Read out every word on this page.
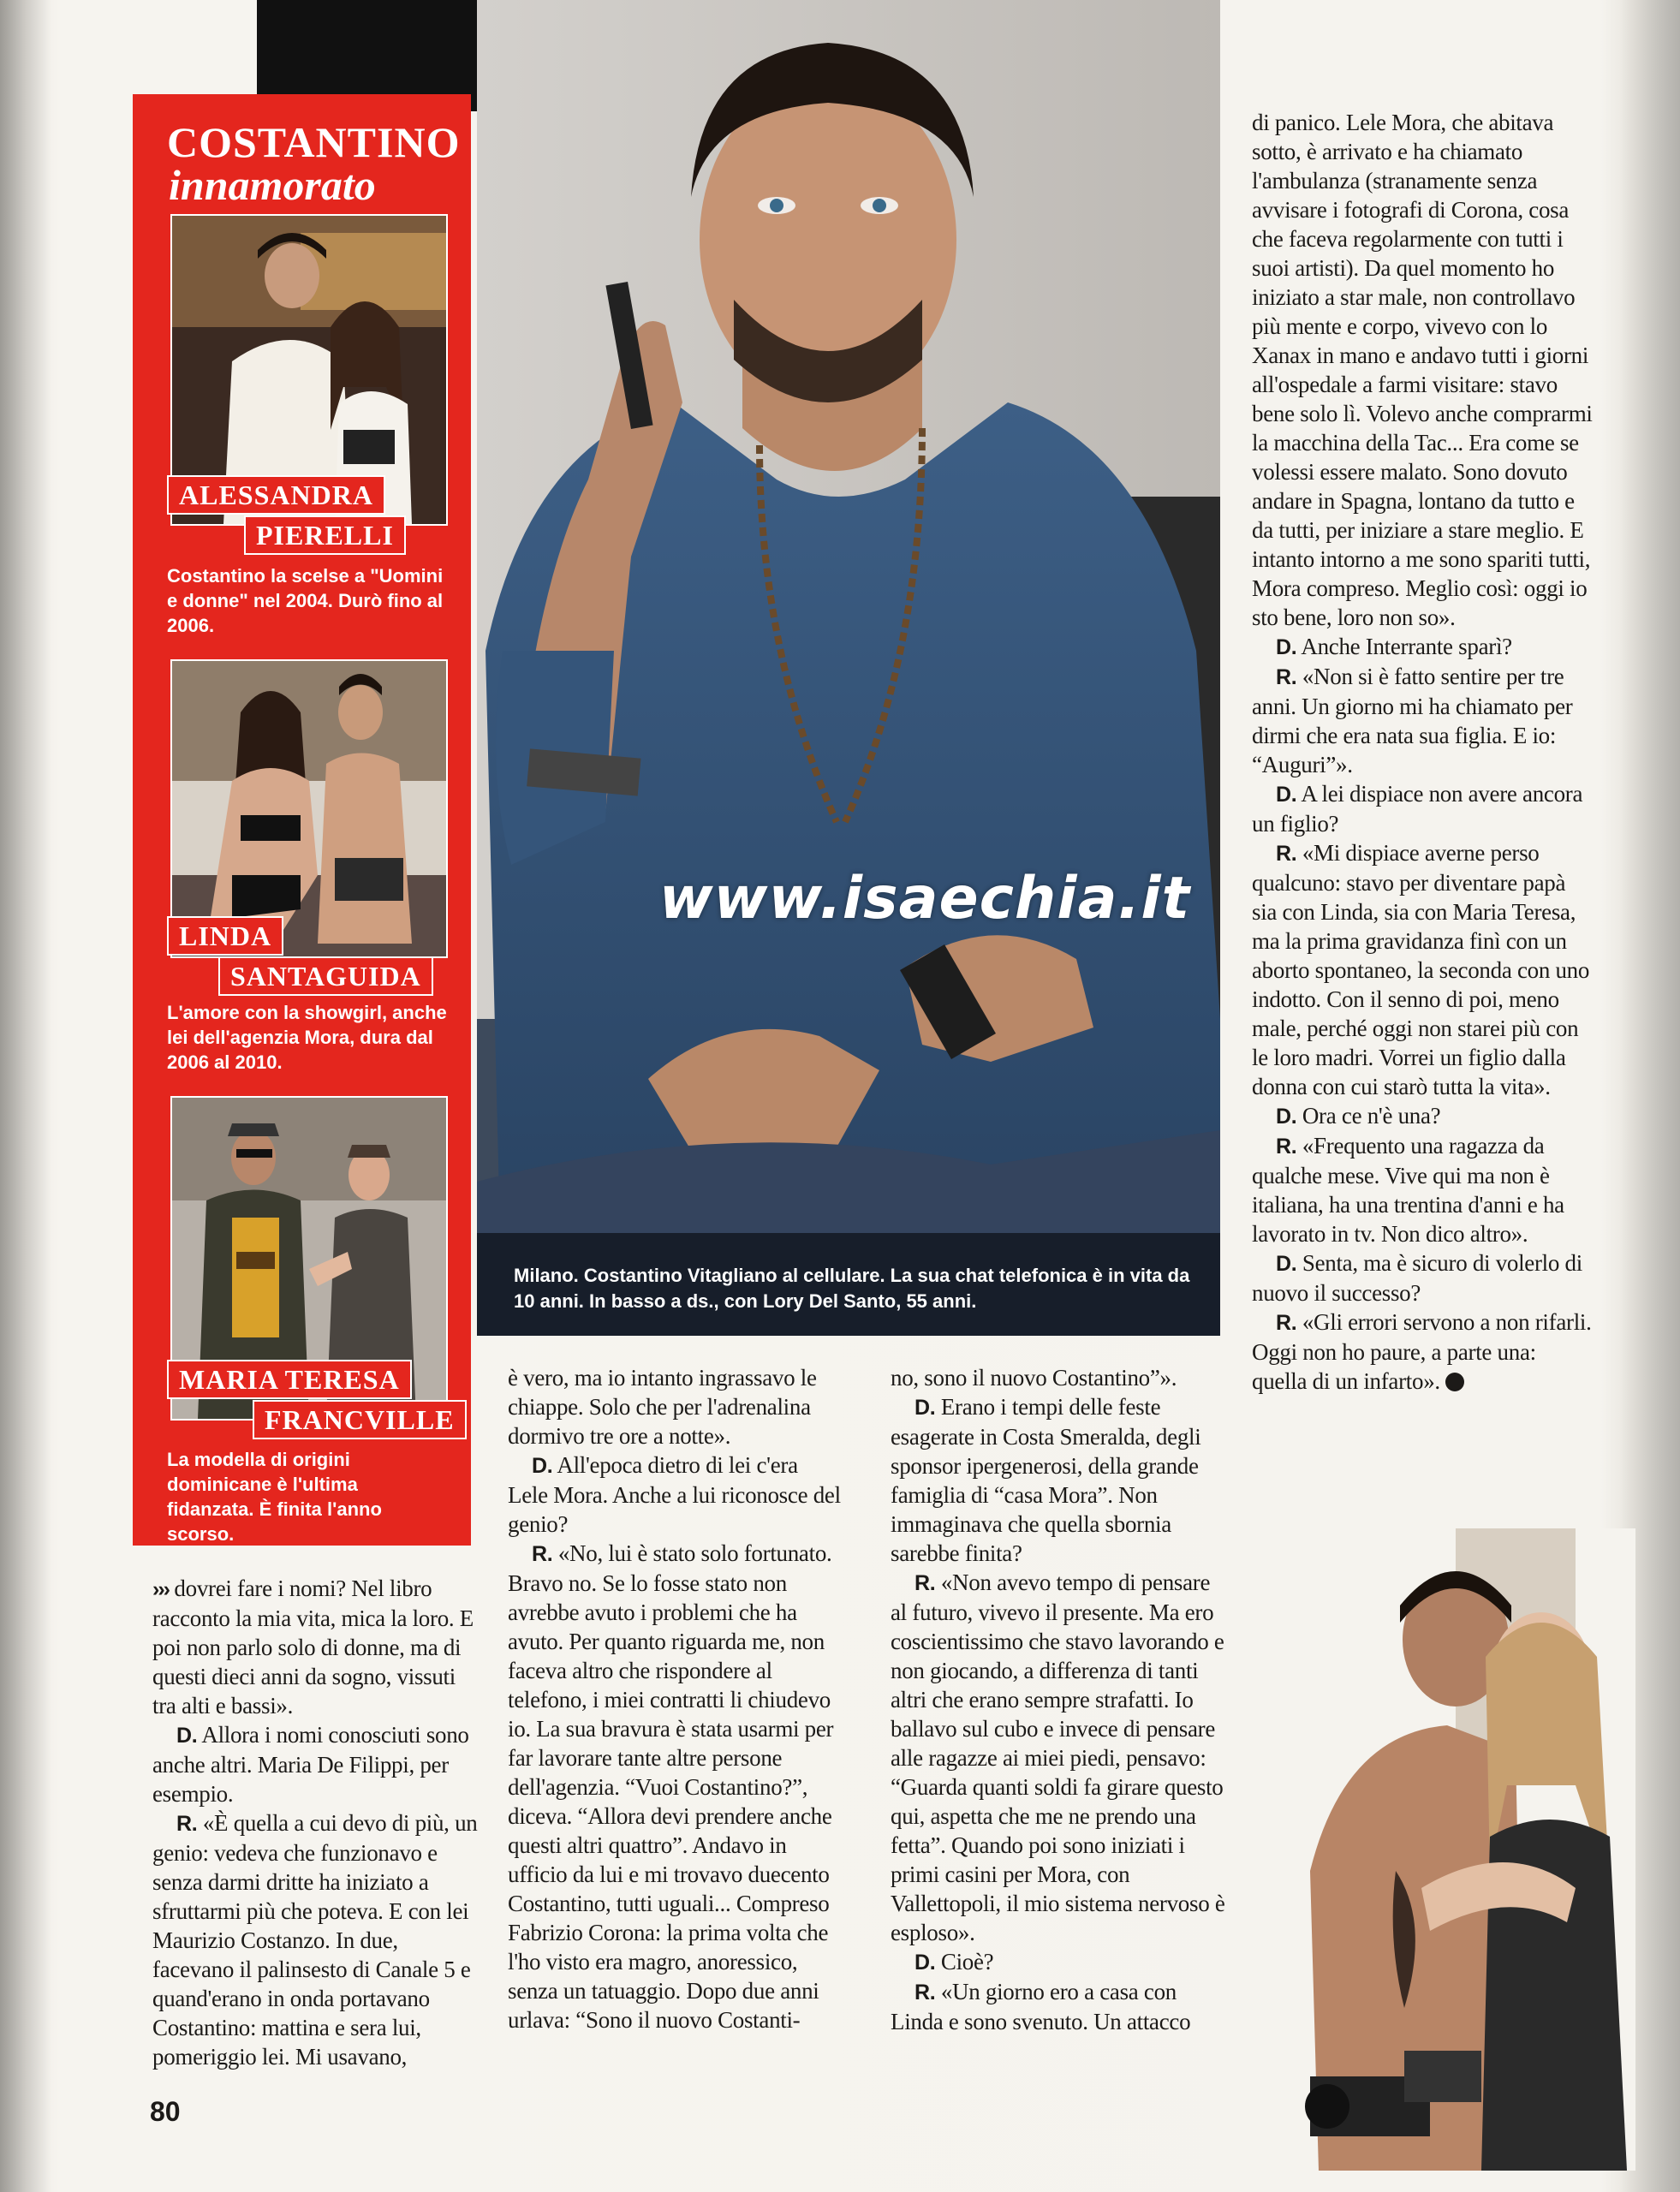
COSTANTINO
innamorato
ALESSANDRA
PIERELLI
Costantino la scelse a "Uomini e donne" nel 2004. Durò fino al 2006.
LINDA
SANTAGUIDA
L'amore con la showgirl, anche lei dell'agenzia Mora, dura dal 2006 al 2010.
MARIA TERESA
FRANCVILLE
La modella di origini dominicane è l'ultima fidanzata. È finita l'anno scorso.
www.isaechia.it
Milano. Costantino Vitagliano al cellulare. La sua chat telefonica è in vita da 10 anni. In basso a ds., con Lory Del Santo, 55 anni.

››› dovrei fare i nomi? Nel libro racconto la mia vita, mica la loro. E poi non parlo solo di donne, ma di questi dieci anni da sogno, vissuti tra alti e bassi».

D. Allora i nomi conosciuti sono anche altri. Maria De Filippi, per esempio.

R. «È quella a cui devo di più, un genio: vedeva che funzionavo e senza darmi dritte ha iniziato a sfruttarmi più che poteva. E con lei Maurizio Costanzo. In due, facevano il palinsesto di Canale 5 e quand'erano in onda portavano Costantino: mattina e sera lui, pomeriggio lei. Mi usavano,

è vero, ma io intanto ingrassavo le chiappe. Solo che per l'adrenalina dormivo tre ore a notte».

D. All'epoca dietro di lei c'era Lele Mora. Anche a lui riconosce del genio?

R. «No, lui è stato solo fortunato. Bravo no. Se lo fosse stato non avrebbe avuto i problemi che ha avuto. Per quanto riguarda me, non faceva altro che rispondere al telefono, i miei contratti li chiudevo io. La sua bravura è stata usarmi per far lavorare tante altre persone dell'agenzia. “Vuoi Costantino?”, diceva. “Allora devi prendere anche questi altri quattro”. Andavo in ufficio da lui e mi trovavo duecento Costantino, tutti uguali... Compreso Fabrizio Corona: la prima volta che l'ho visto era magro, anoressico, senza un tatuaggio. Dopo due anni urlava: “Sono il nuovo Costanti-

no, sono il nuovo Costantino”».

D. Erano i tempi delle feste esagerate in Costa Smeralda, degli sponsor ipergenerosi, della grande famiglia di “casa Mora”. Non immaginava che quella sbornia sarebbe finita?

R. «Non avevo tempo di pensare al futuro, vivevo il presente. Ma ero coscientissimo che stavo lavorando e non giocando, a differenza di tanti altri che erano sempre strafatti. Io ballavo sul cubo e invece di pensare alle ragazze ai miei piedi, pensavo: “Guarda quanti soldi fa girare questo qui, aspetta che me ne prendo una fetta”. Quando poi sono iniziati i primi casini per Mora, con Vallettopoli, il mio sistema nervoso è esploso».

D. Cioè?

R. «Un giorno ero a casa con Linda e sono svenuto. Un attacco

di panico. Lele Mora, che abitava sotto, è arrivato e ha chiamato l'ambulanza (stranamente senza avvisare i fotografi di Corona, cosa che faceva regolarmente con tutti i suoi artisti). Da quel momento ho iniziato a star male, non controllavo più mente e corpo, vivevo con lo Xanax in mano e andavo tutti i giorni all'ospedale a farmi visitare: stavo bene solo lì. Volevo anche comprarmi la macchina della Tac... Era come se volessi essere malato. Sono dovuto andare in Spagna, lontano da tutto e da tutti, per iniziare a stare meglio. E intanto intorno a me sono spariti tutti, Mora compreso. Meglio così: oggi io sto bene, loro non so».

D. Anche Interrante sparì?

R. «Non si è fatto sentire per tre anni. Un giorno mi ha chiamato per dirmi che era nata sua figlia. E io: “Auguri”».

D. A lei dispiace non avere ancora un figlio?

R. «Mi dispiace averne perso qualcuno: stavo per diventare papà sia con Linda, sia con Maria Teresa, ma la prima gravidanza finì con un aborto spontaneo, la seconda con uno indotto. Con il senno di poi, meno male, perché oggi non starei più con le loro madri. Vorrei un figlio dalla donna con cui starò tutta la vita».

D. Ora ce n'è una?

R. «Frequento una ragazza da qualche mese. Vive qui ma non è italiana, ha una trentina d'anni e ha lavorato in tv. Non dico altro».

D. Senta, ma è sicuro di volerlo di nuovo il successo?

R. «Gli errori servono a non rifarli. Oggi non ho paure, a parte una: quella di un infarto».

80
